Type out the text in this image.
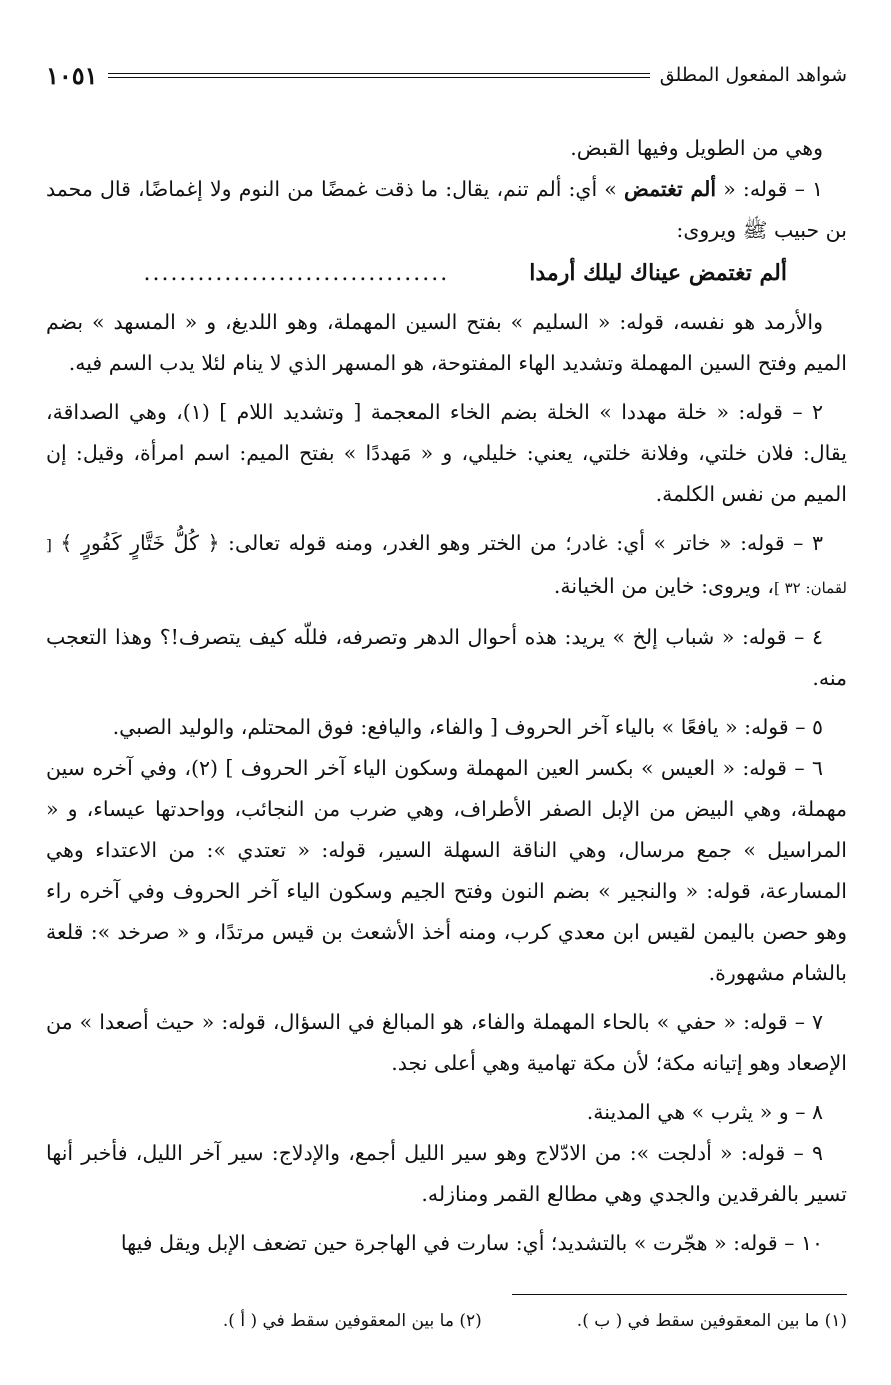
شواهد المفعول المطلق
١٠٥١

وهي من الطويل وفيها القبض.

١ – قوله: « ألم تغتمض » أي: ألم تنم، يقال: ما ذقت غمضًا من النوم ولا إغماضًا، قال محمد بن حبيب ﷺ ويروى:

ألم تغتمض عيناك ليلك أرمدا
..................................

والأرمد هو نفسه، قوله: « السليم » بفتح السين المهملة، وهو اللديغ، و « المسهد » بضم الميم وفتح السين المهملة وتشديد الهاء المفتوحة، هو المسهر الذي لا ينام لئلا يدب السم فيه.

٢ – قوله: « خلة مهددا » الخلة بضم الخاء المعجمة [ وتشديد اللام ] (١)، وهي الصداقة، يقال: فلان خلتي، وفلانة خلتي، يعني: خليلي، و « مَهددًا » بفتح الميم: اسم امرأة، وقيل: إن الميم من نفس الكلمة.

٣ – قوله: « خاتر » أي: غادر؛ من الختر وهو الغدر، ومنه قوله تعالى: ﴿ كُلُّ خَتَّارٍ كَفُورٍ ﴾ [ لقمان: ٣٢ ]، ويروى: خاين من الخيانة.

٤ – قوله: « شباب إلخ » يريد: هذه أحوال الدهر وتصرفه، فللّه كيف يتصرف!؟ وهذا التعجب منه.

٥ – قوله: « يافعًا » بالياء آخر الحروف [ والفاء، واليافع: فوق المحتلم، والوليد الصبي.

٦ – قوله: « العيس » بكسر العين المهملة وسكون الياء آخر الحروف ] (٢)، وفي آخره سين مهملة، وهي البيض من الإبل الصفر الأطراف، وهي ضرب من النجائب، وواحدتها عيساء، و « المراسيل » جمع مرسال، وهي الناقة السهلة السير، قوله: « تعتدي »: من الاعتداء وهي المسارعة، قوله: « والنجير » بضم النون وفتح الجيم وسكون الياء آخر الحروف وفي آخره راء وهو حصن باليمن لقيس ابن معدي كرب، ومنه أخذ الأشعث بن قيس مرتدًا، و « صرخد »: قلعة بالشام مشهورة.

٧ – قوله: « حفي » بالحاء المهملة والفاء، هو المبالغ في السؤال، قوله: « حيث أصعدا » من الإصعاد وهو إتيانه مكة؛ لأن مكة تهامية وهي أعلى نجد.

٨ – و « يثرب » هي المدينة.

٩ – قوله: « أدلجت »: من الادّلاج وهو سير الليل أجمع، والإدلاج: سير آخر الليل، فأخبر أنها تسير بالفرقدين والجدي وهي مطالع القمر ومنازله.

١٠ – قوله: « هجّرت » بالتشديد؛ أي: سارت في الهاجرة حين تضعف الإبل ويقل فيها

(١) ما بين المعقوفين سقط في ( ب ).
(٢) ما بين المعقوفين سقط في ( أ ).
